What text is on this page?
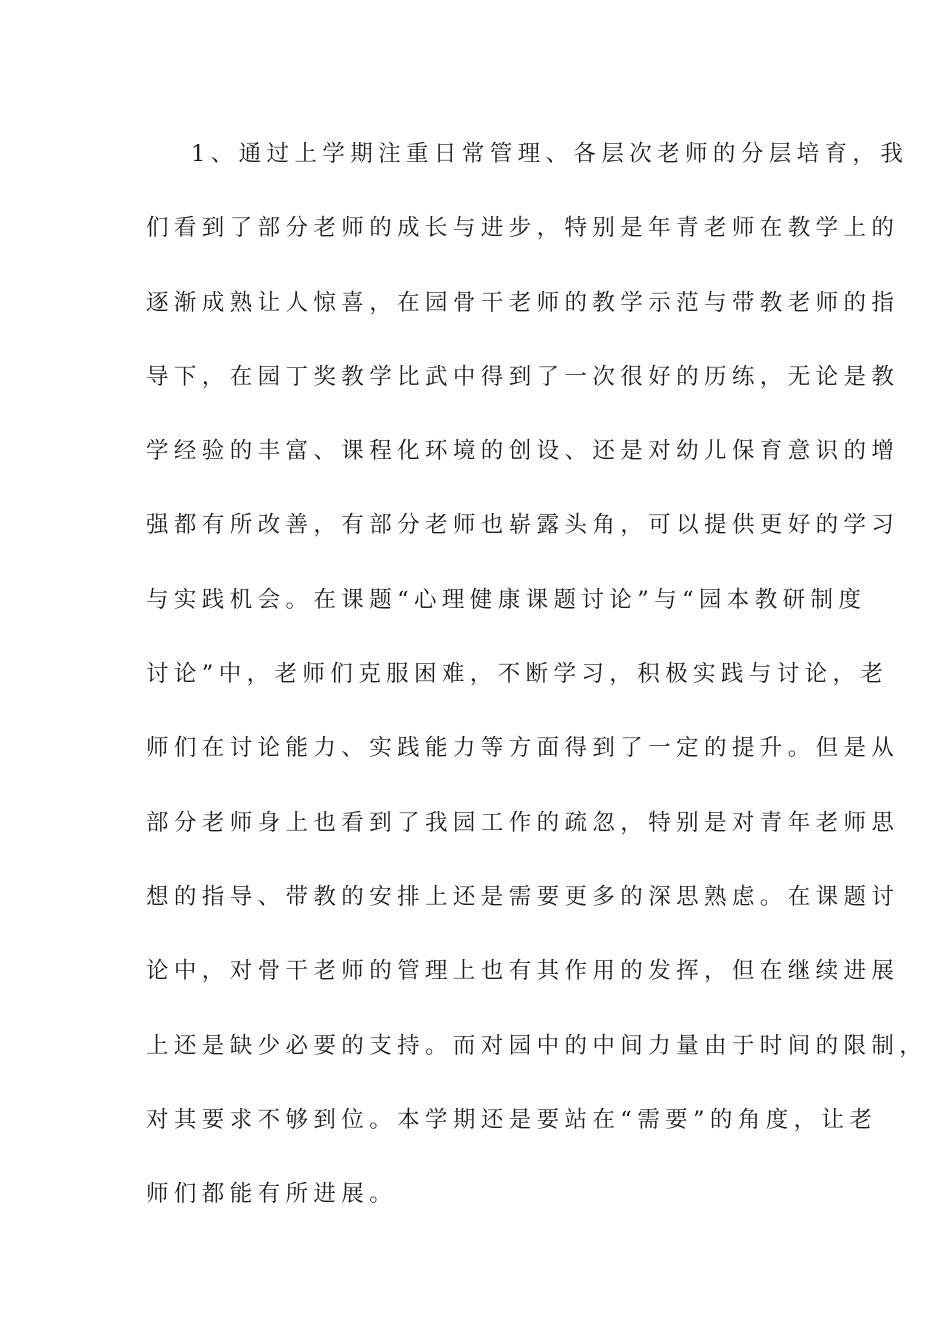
1、通过上学期注重日常管理、各层次老师的分层培育，我
们看到了部分老师的成长与进步，特别是年青老师在教学上的
逐渐成熟让人惊喜，在园骨干老师的教学示范与带教老师的指
导下，在园丁奖教学比武中得到了一次很好的历练，无论是教
学经验的丰富、课程化环境的创设、还是对幼儿保育意识的增
强都有所改善，有部分老师也崭露头角，可以提供更好的学习
与实践机会。在课题“心理健康课题讨论”与“园本教研制度
讨论”中，老师们克服困难，不断学习，积极实践与讨论，老
师们在讨论能力、实践能力等方面得到了一定的提升。但是从
部分老师身上也看到了我园工作的疏忽，特别是对青年老师思
想的指导、带教的安排上还是需要更多的深思熟虑。在课题讨
论中，对骨干老师的管理上也有其作用的发挥，但在继续进展
上还是缺少必要的支持。而对园中的中间力量由于时间的限制，
对其要求不够到位。本学期还是要站在“需要”的角度，让老
师们都能有所进展。
